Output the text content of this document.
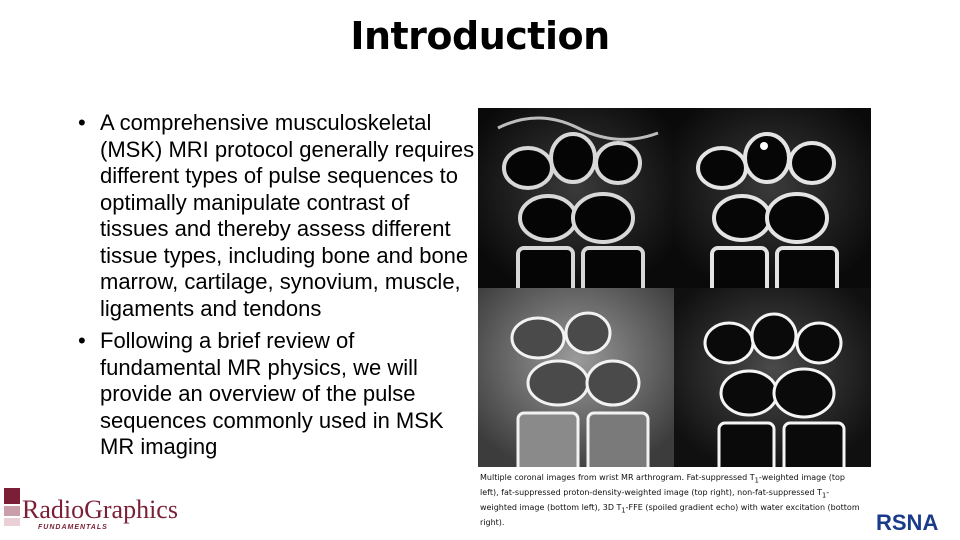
Introduction
• A comprehensive musculoskeletal (MSK) MRI protocol generally requires different types of pulse sequences to optimally manipulate contrast of tissues and thereby assess different tissue types, including bone and bone marrow, cartilage, synovium, muscle, ligaments and tendons
• Following a brief review of fundamental MR physics, we will provide an overview of the pulse sequences commonly used in MSK MR imaging
Multiple coronal images from wrist MR arthrogram. Fat-suppressed $T_1$-weighted image (top left), fat-suppressed proton-density-weighted image (top right), non-fat-suppressed $T_1$-weighted image (bottom left), 3D $T_1$-FFE (spoiled gradient echo) with water excitation (bottom right).
RadioGraphics
FUNDAMENTALS	RSNA
